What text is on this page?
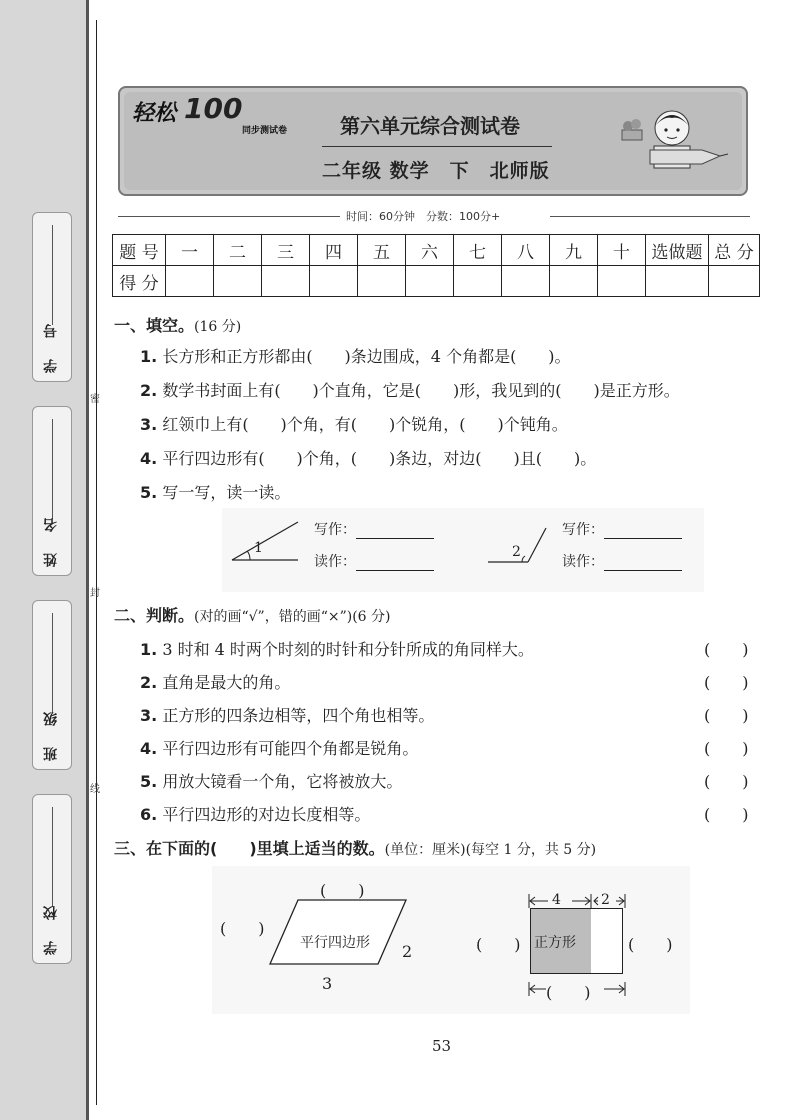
学 号
姓 名
班 级
学 校
密
封
线
轻松 100
同步测试卷	第六单元综合测试卷
二年级 数学　下　北师版
时间：60分钟　分数：100分+
题 号	一	二	三	四	五	六	七	八	九	十	选做题	总 分
得 分												
一、填空。(16 分)
1. 长方形和正方形都由(　　)条边围成，4 个角都是(　　)。
2. 数学书封面上有(　　)个直角，它是(　　)形，我见到的(　　)是正方形。
3. 红领巾上有(　　)个角，有(　　)个锐角，(　　)个钝角。
4. 平行四边形有(　　)个角，(　　)条边，对边(　　)且(　　)。
5. 写一写，读一读。
1
写作：
读作：
2
写作：
读作：
二、判断。(对的画“√”，错的画“×”)(6 分)
1. 3 时和 4 时两个时刻的时针和分针所成的角同样大。	(　　)
2. 直角是最大的角。	(　　)
3. 正方形的四条边相等，四个角也相等。	(　　)
4. 平行四边形有可能四个角都是锐角。	(　　)
5. 用放大镜看一个角，它将被放大。	(　　)
6. 平行四边形的对边长度相等。	(　　)
三、在下面的(　　)里填上适当的数。(单位：厘米)(每空 1 分，共 5 分)
平行四边形
(　　)
(　　)
2
3
正方形
4	2
(　　)	(　　)
(　　)
53
